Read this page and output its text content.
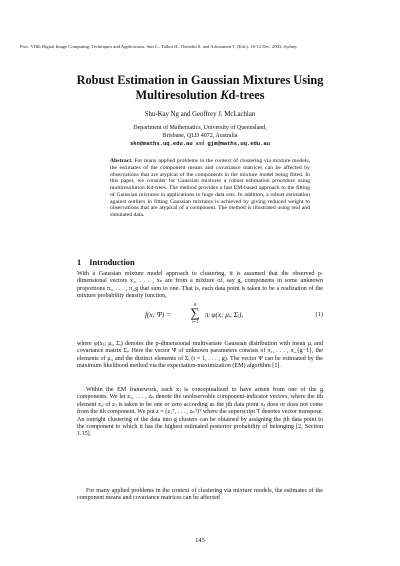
Proc. VIIth Digital Image Computing: Techniques and Applications, Sun C., Talbot H., Ourselin S. and Adriaansen T. (Eds.), 10-12 Dec. 2003, Sydney
Robust Estimation in Gaussian Mixtures Using
Multiresolution Kd-trees
Shu-Kay Ng and Geoffrey J. McLachlan
Department of Mathematics, University of Queensland,
Brisbane, QLD 4072, Australia
skn@maths.uq.edu.au and gjm@maths.uq.edu.au
Abstract. For many applied problems in the context of clustering via mixture models, the estimates of the component means and covariance matrices can be affected by observations that are atypical of the components in the mixture model being fitted. In this paper, we consider for Gaussian mixtures a robust estimation procedure using multiresolution Kd-trees. The method provides a fast EM-based approach to the fitting of Gaussian mixtures in applications to huge data sets. In addition, a robust estimation against outliers in fitting Gaussian mixtures is achieved by giving reduced weight to observations that are atypical of a component. The method is illustrated using real and simulated data.
1 Introduction
With a Gaussian mixture model approach to clustering, it is assumed that the observed p-dimensional vectors x₁, . . . , xₙ are from a mixture of, say g, components in some unknown proportions π₁, . . . , π_g that sum to one. That is, each data point is taken to be a realization of the mixture probability density function,
f(x; Ψ) =
g
∑
i=1
πᵢ φ(x; μᵢ, Σᵢ),	(1)
where φ(xⱼ; μᵢ, Σᵢ) denotes the p-dimensional multivariate Gaussian distribution with mean μᵢ and covariance matrix Σᵢ. Here the vector Ψ of unknown parameters consists of π₁, . . . , π_{g−1}, the elements of μᵢ, and the distinct elements of Σᵢ (i = 1, . . . , g). The vector Ψ can be estimated by the maximum likelihood method via the expectation-maximization (EM) algorithm [1].
Within the EM framework, each xⱼ is conceptualized to have arisen from one of the g components. We let z₁, . . . , zₙ denote the unobservable component-indicator vectors, where the ith element zᵢⱼ of zⱼ is taken to be one or zero according as the jth data point xⱼ does or does not come from the ith component. We put z = (z₁ᵀ, . . . , zₙᵀ)ᵀ where the superscript T denotes vector transpose. An outright clustering of the data into g clusters can be obtained by assigning the jth data point to the component to which it has the highest estimated posterior probability of belonging [2, Section 1.15].
For many applied problems in the context of clustering via mixture models, the estimates of the component means and covariance matrices can be affected
145
